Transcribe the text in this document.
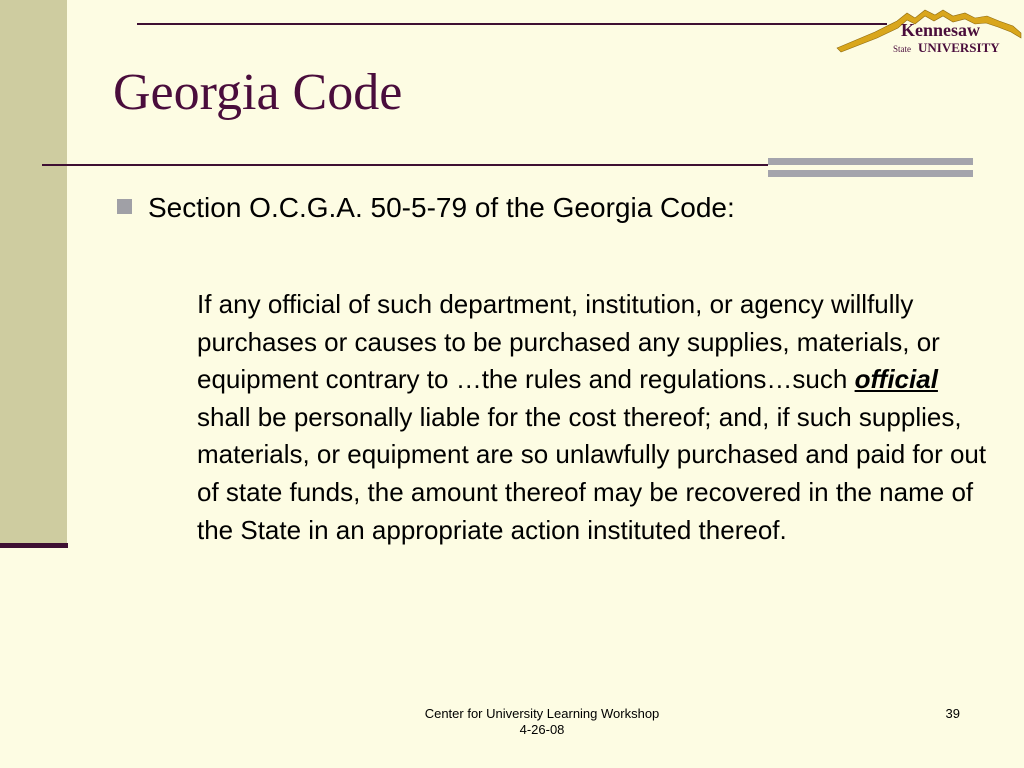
Kennesaw
State UNIVERSITY
Georgia Code
Section O.C.G.A. 50-5-79 of the Georgia Code:
If any official of such department, institution, or agency willfully purchases or causes to be purchased any supplies, materials, or equipment contrary to …the rules and regulations…such official shall be personally liable for the cost thereof; and, if such supplies, materials, or equipment are so unlawfully purchased and paid for out of state funds, the amount thereof may be recovered in the name of the State in an appropriate action instituted thereof.
Center for University Learning Workshop
4-26-08
39
